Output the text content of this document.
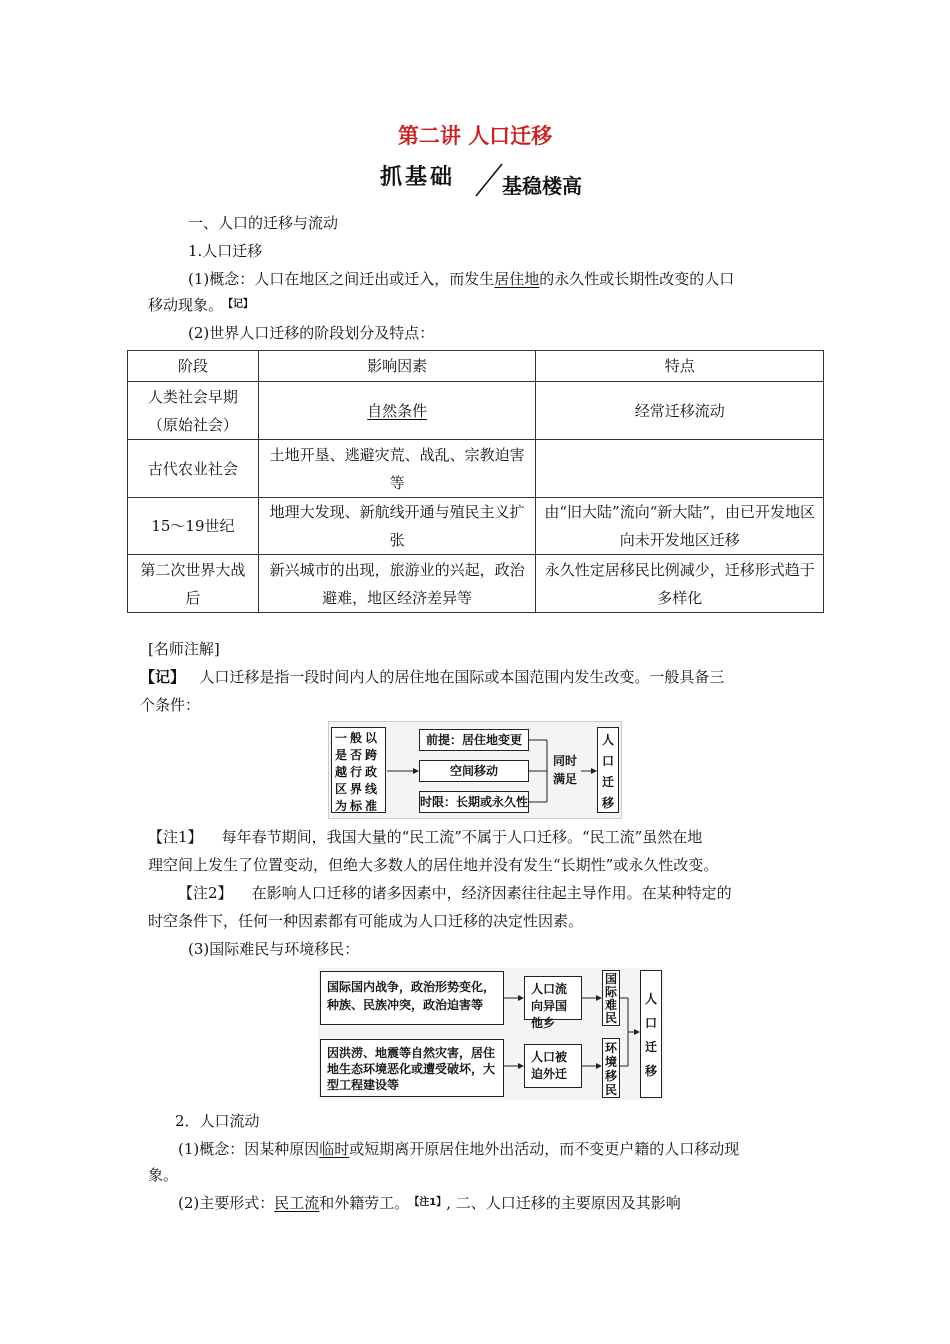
第二讲 人口迁移
抓基础 基稳楼高
一、人口的迁移与流动
1.人口迁移
(1)概念：人口在地区之间迁出或迁入，而发生居住地的永久性或长期性改变的人口
移动现象。【记】
(2)世界人口迁移的阶段划分及特点：
阶段	影响因素	特点
人类社会早期（原始社会）	自然条件	经常迁移流动
古代农业社会	土地开垦、逃避灾荒、战乱、宗教迫害等	
15～19世纪	地理大发现、新航线开通与殖民主义扩张	由“旧大陆”流向“新大陆”，由已开发地区向未开发地区迁移
第二次世界大战后	新兴城市的出现，旅游业的兴起，政治避难，地区经济差异等	永久性定居移民比例减少，迁移形式趋于多样化
[名师注解]
【记】 人口迁移是指一段时间内人的居住地在国际或本国范围内发生改变。一般具备三
个条件：
一般以是否跨越行政区界线为标准
前提：居住地变更
空间移动
时限：长期或永久性
同时满足
人口迁移
【注1】 每年春节期间，我国大量的“民工流”不属于人口迁移。“民工流”虽然在地
理空间上发生了位置变动，但绝大多数人的居住地并没有发生“长期性”或永久性改变。
【注2】 在影响人口迁移的诸多因素中，经济因素往往起主导作用。在某种特定的
时空条件下，任何一种因素都有可能成为人口迁移的决定性因素。
(3)国际难民与环境移民：
国际国内战争，政治形势变化，种族、民族冲突，政治迫害等
因洪涝、地震等自然灾害，居住地生态环境恶化或遭受破坏，大型工程建设等
人口流向异国他乡
人口被迫外迁
国际难民
环境移民
人口迁移
2．人口流动
(1)概念：因某种原因临时或短期离开原居住地外出活动，而不变更户籍的人口移动现
象。
(2)主要形式：民工流和外籍劳工。【注1】, 二、人口迁移的主要原因及其影响
